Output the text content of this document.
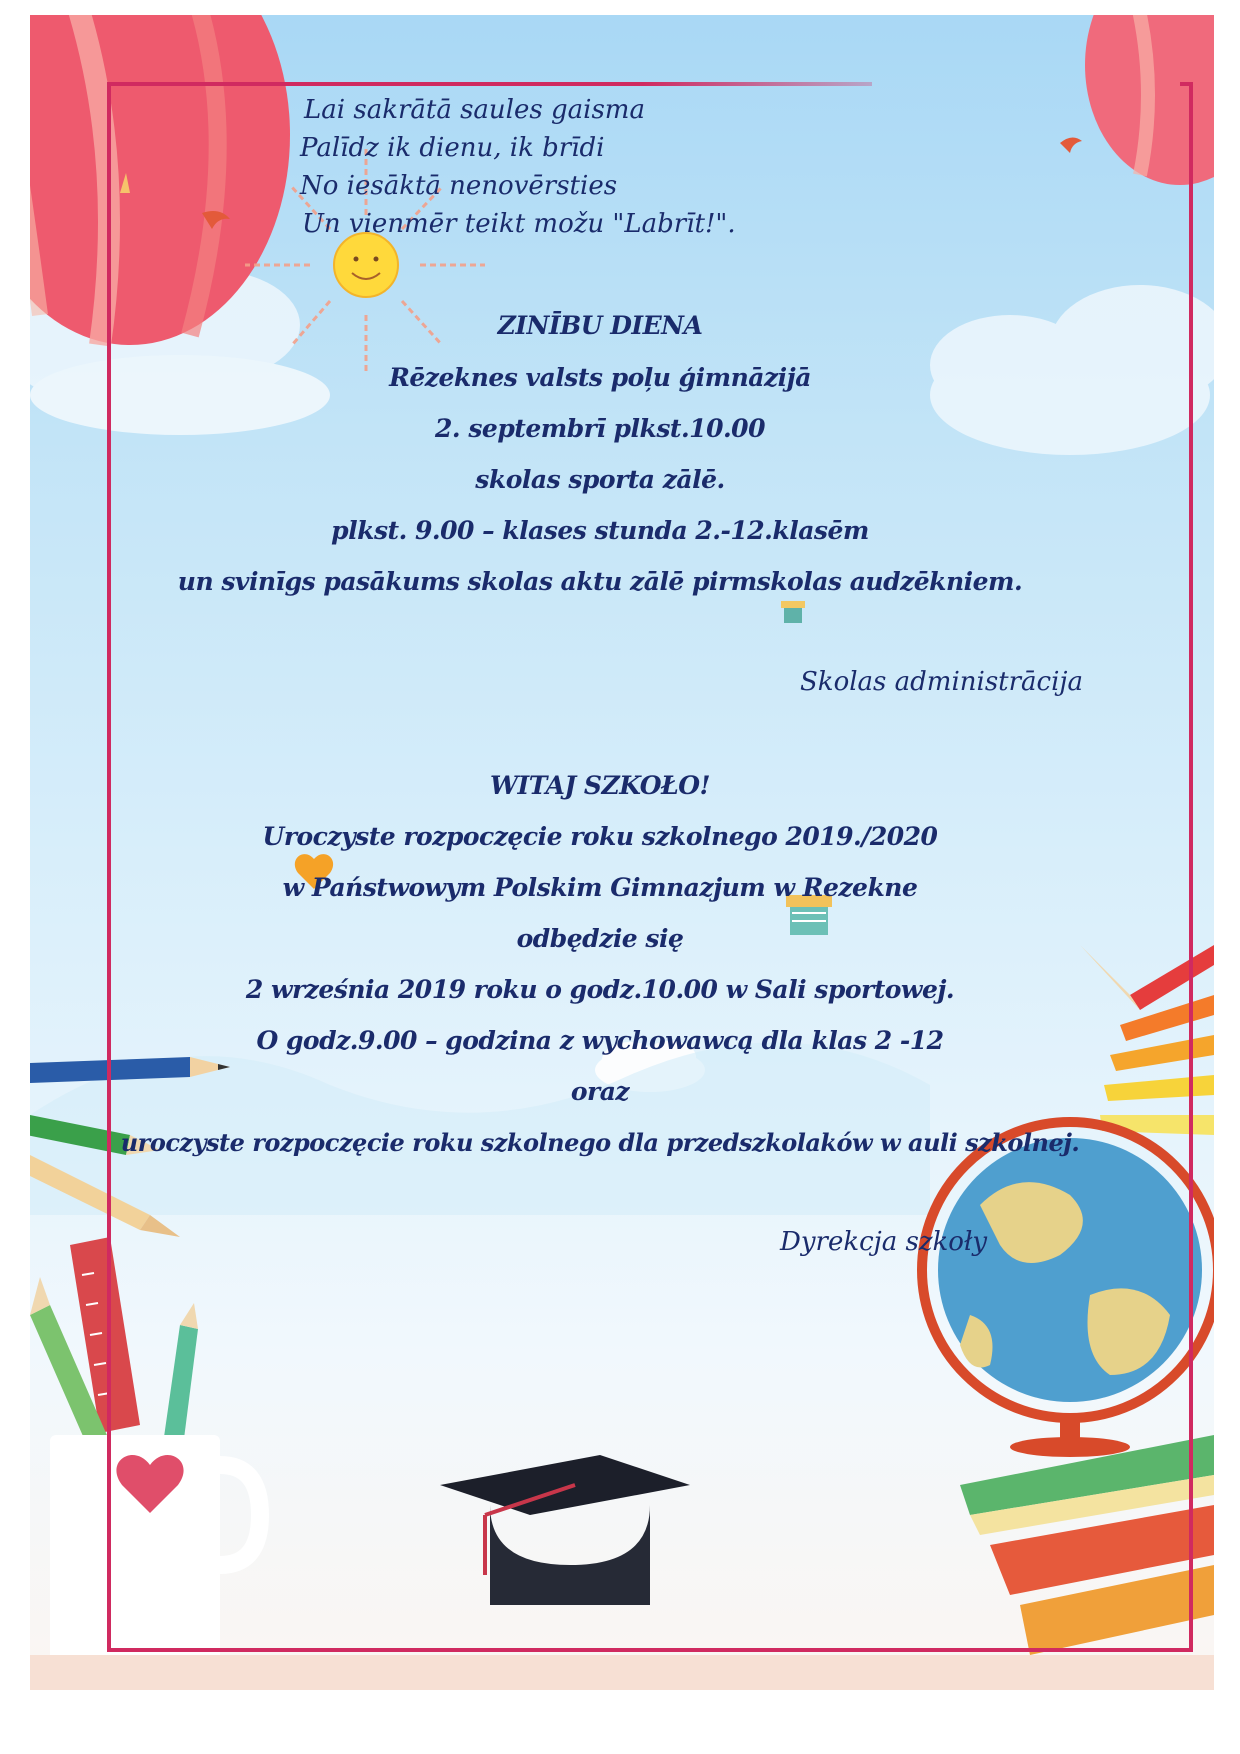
Lai sakrātā saules gaisma
Palīdz ik dienu, ik brīdi
No iesāktā nenovērsties
Un vienmēr teikt možu "Labrīt!".
ZINĪBU DIENA
Rēzeknes valsts poļu ģimnāzijā
2. septembrī plkst.10.00
skolas sporta zālē.
plkst. 9.00 – klases stunda 2.-12.klasēm
un svinīgs pasākums skolas aktu zālē pirmskolas audzēkniem.
Skolas administrācija
WITAJ SZKOŁO!
Uroczyste rozpoczęcie roku szkolnego 2019./2020
w Państwowym Polskim Gimnazjum w Rezekne
odbędzie się
2 września 2019 roku o godz.10.00 w Sali sportowej.
O godz.9.00 – godzina z wychowawcą dla klas 2 -12
oraz
uroczyste rozpoczęcie roku szkolnego dla przedszkolaków w auli szkolnej.
Dyrekcja szkoły
